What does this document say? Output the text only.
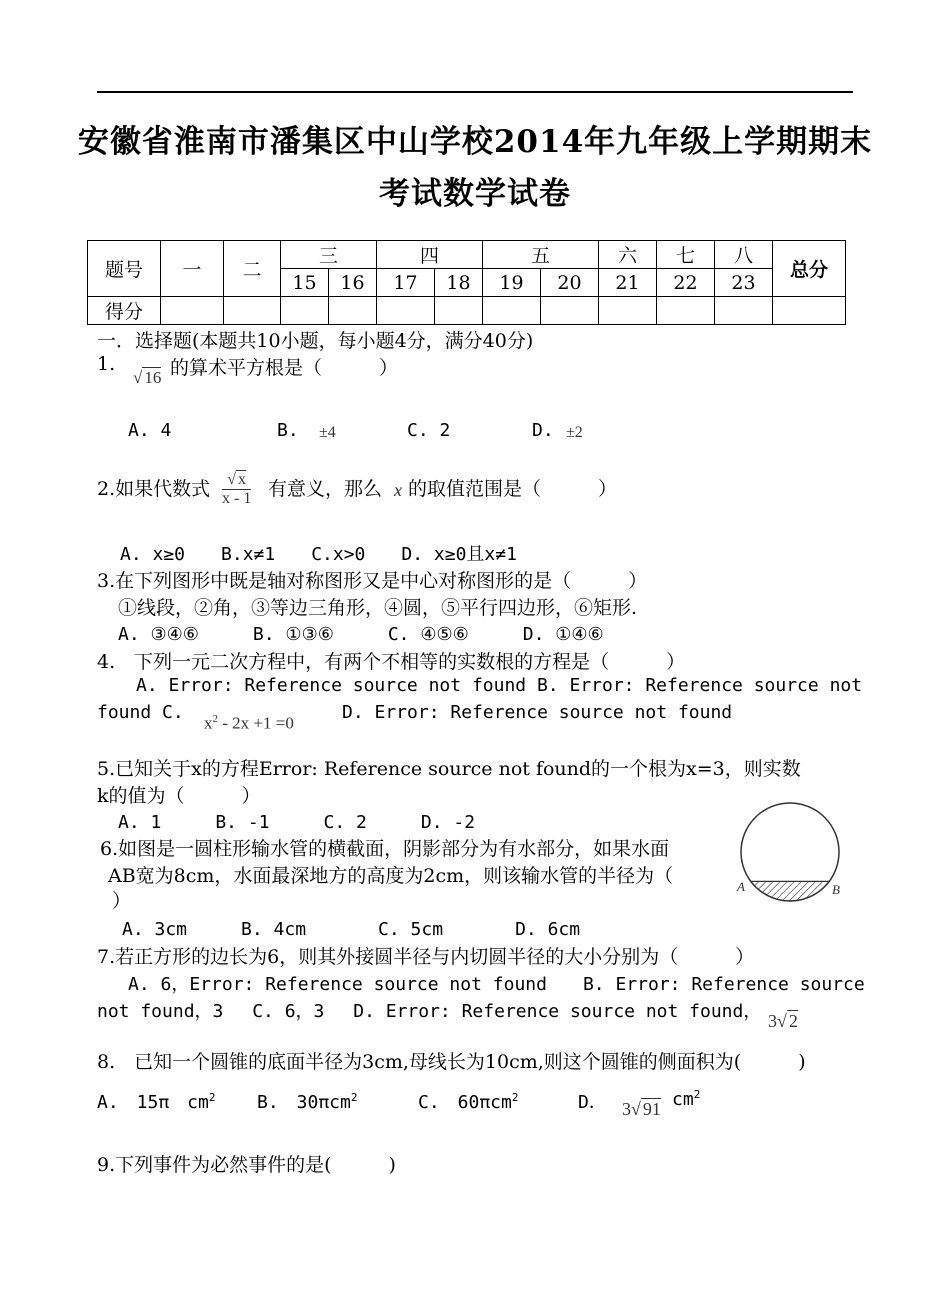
安徽省淮南市潘集区中山学校2014年九年级上学期期末
考试数学试卷
题号	一	二	三		四		五		六	七	八	总分
			15	16	17	18	19	20	21	22	23	
得分												
一．选择题(本题共10小题，每小题4分，满分40分)
1.
√ 16 的算术平方根是（　　　）
A. 4	B. ±4	C. 2	D. ±2
2.如果代数式 $\frac{√ x}{x - 1}$ 有意义，那么 x 的取值范围是（　　　）
A. x≥0　　B.x≠1　　C.x>0　　D. x≥0且x≠1
3.在下列图形中既是轴对称图形又是中心对称图形的是（　　　）
①线段，②角，③等边三角形，④圆，⑤平行四边形，⑥矩形.
A. ③④⑥　　　B. ①③⑥　　　C. ④⑤⑥　　　D. ①④⑥
4.　下列一元二次方程中，有两个不相等的实数根的方程是（　　　）
A. Error: Reference source not found B. Error: Reference source not
found C.
$x^2 - 2x +1 =0$
D. Error: Reference source not found
5.已知关于x的方程Error: Reference source not found的一个根为x=3，则实数
k的值为（　　　）
A. 1　　　B. -1　　　C. 2　　　D. -2
6.如图是一圆柱形输水管的横截面，阴影部分为有水部分，如果水面
AB宽为8cm，水面最深地方的高度为2cm，则该输水管的半径为（
）
A. 3cm　　　B. 4cm　　　　C. 5cm　　　　D. 6cm
A	B
7.若正方形的边长为6，则其外接圆半径与内切圆半径的大小分别为（　　　）
A. 6，Error: Reference source not found　　B. Error: Reference source
not found，3　 C. 6，3　 D. Error: Reference source not found， 3√ 2
8.　已知一个圆锥的底面半径为3cm,母线长为10cm,则这个圆锥的侧面积为(　　　)
A.　15π　$cm^2$ B.　30πcm$^2$	C.　60πcm$^2$	D． 3√ 91 $cm^2$
9.下列事件为必然事件的是(　　　)
